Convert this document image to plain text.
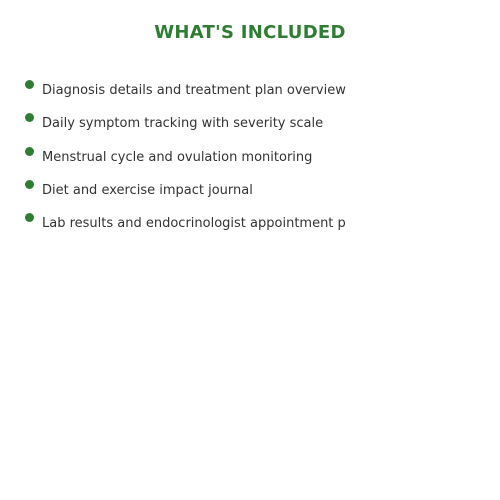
WHAT'S INCLUDED
Diagnosis details and treatment plan overview
Daily symptom tracking with severity scale
Menstrual cycle and ovulation monitoring
Diet and exercise impact journal
Lab results and endocrinologist appointment p
